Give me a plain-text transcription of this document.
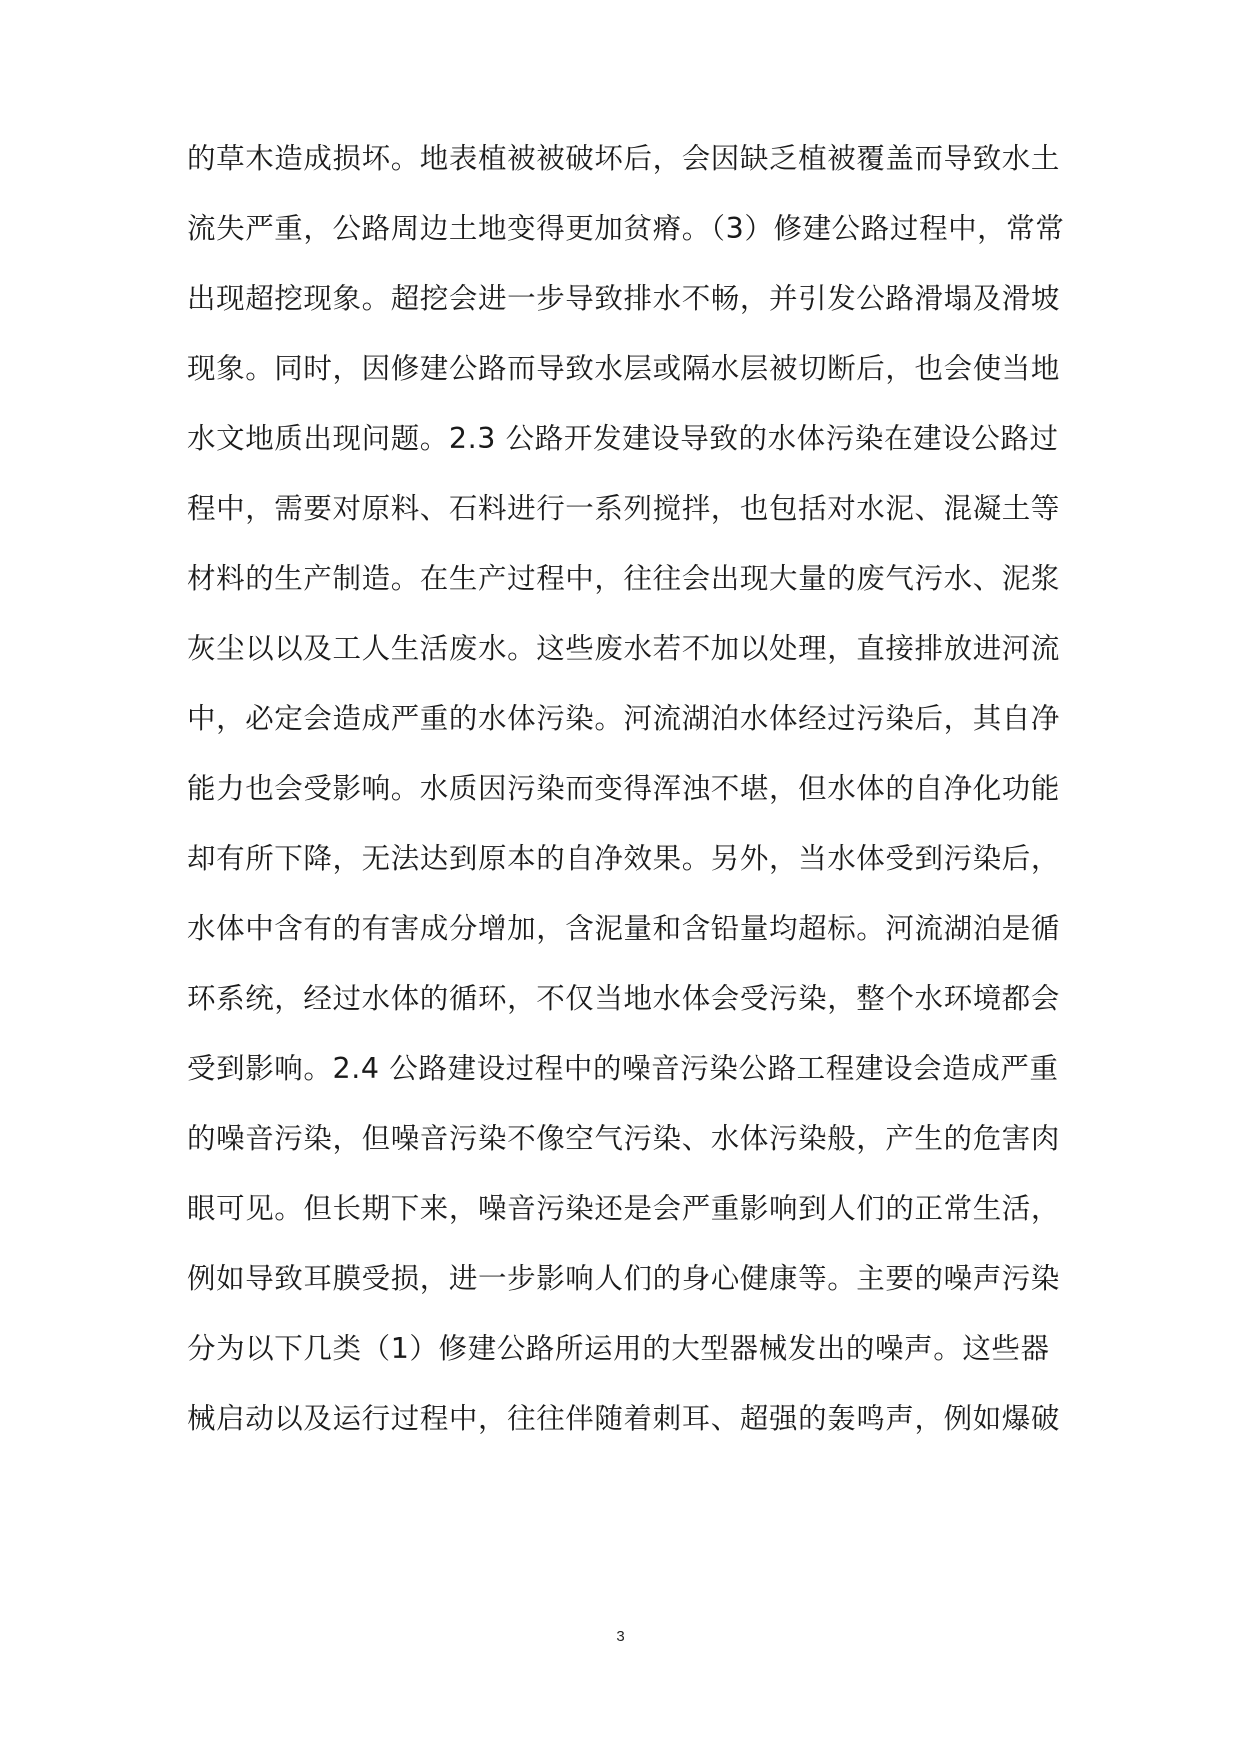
的草木造成损坏。地表植被被破坏后，会因缺乏植被覆盖而导致水土
流失严重，公路周边土地变得更加贫瘠。（3）修建公路过程中，常常
出现超挖现象。超挖会进一步导致排水不畅，并引发公路滑塌及滑坡
现象。同时，因修建公路而导致水层或隔水层被切断后，也会使当地
水文地质出现问题。2.3 公路开发建设导致的水体污染在建设公路过
程中，需要对原料、石料进行一系列搅拌，也包括对水泥、混凝土等
材料的生产制造。在生产过程中，往往会出现大量的废气污水、泥浆
灰尘以以及工人生活废水。这些废水若不加以处理，直接排放进河流
中，必定会造成严重的水体污染。河流湖泊水体经过污染后，其自净
能力也会受影响。水质因污染而变得浑浊不堪，但水体的自净化功能
却有所下降，无法达到原本的自净效果。另外，当水体受到污染后，
水体中含有的有害成分增加，含泥量和含铅量均超标。河流湖泊是循
环系统，经过水体的循环，不仅当地水体会受污染，整个水环境都会
受到影响。2.4 公路建设过程中的噪音污染公路工程建设会造成严重
的噪音污染，但噪音污染不像空气污染、水体污染般，产生的危害肉
眼可见。但长期下来，噪音污染还是会严重影响到人们的正常生活，
例如导致耳膜受损，进一步影响人们的身心健康等。主要的噪声污染
分为以下几类（1）修建公路所运用的大型器械发出的噪声。这些器
械启动以及运行过程中，往往伴随着刺耳、超强的轰鸣声，例如爆破
3
